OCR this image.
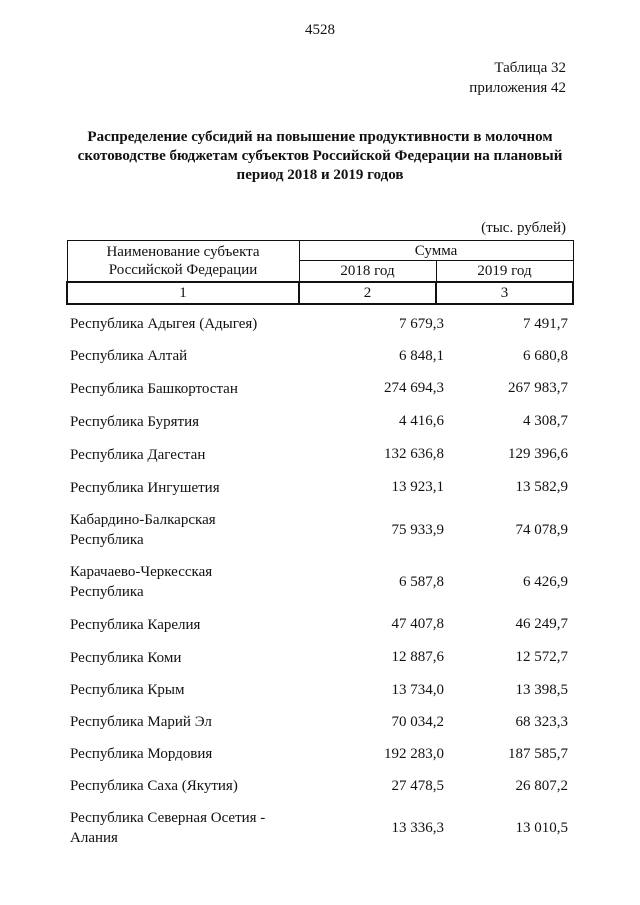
4528
Таблица 32
приложения 42
Распределение субсидий на повышение продуктивности в молочном
скотоводстве бюджетам субъектов Российской Федерации на плановый
период 2018 и 2019 годов
(тыс. рублей)
Наименование субъекта
Российской Федерации	Сумма	
	2018 год	2019 год
1	2	3
Республика Адыгея (Адыгея)	7 679,3	7 491,7
Республика Алтай	6 848,1	6 680,8
Республика Башкортостан	274 694,3	267 983,7
Республика Бурятия	4 416,6	4 308,7
Республика Дагестан	132 636,8	129 396,6
Республика Ингушетия	13 923,1	13 582,9
Кабардино-Балкарская
Республика
75 933,9	74 078,9
Карачаево-Черкесская
Республика
6 587,8	6 426,9
Республика Карелия	47 407,8	46 249,7
Республика Коми	12 887,6	12 572,7
Республика Крым	13 734,0	13 398,5
Республика Марий Эл	70 034,2	68 323,3
Республика Мордовия	192 283,0	187 585,7
Республика Саха (Якутия)	27 478,5	26 807,2
Республика Северная Осетия -
Алания
13 336,3	13 010,5
